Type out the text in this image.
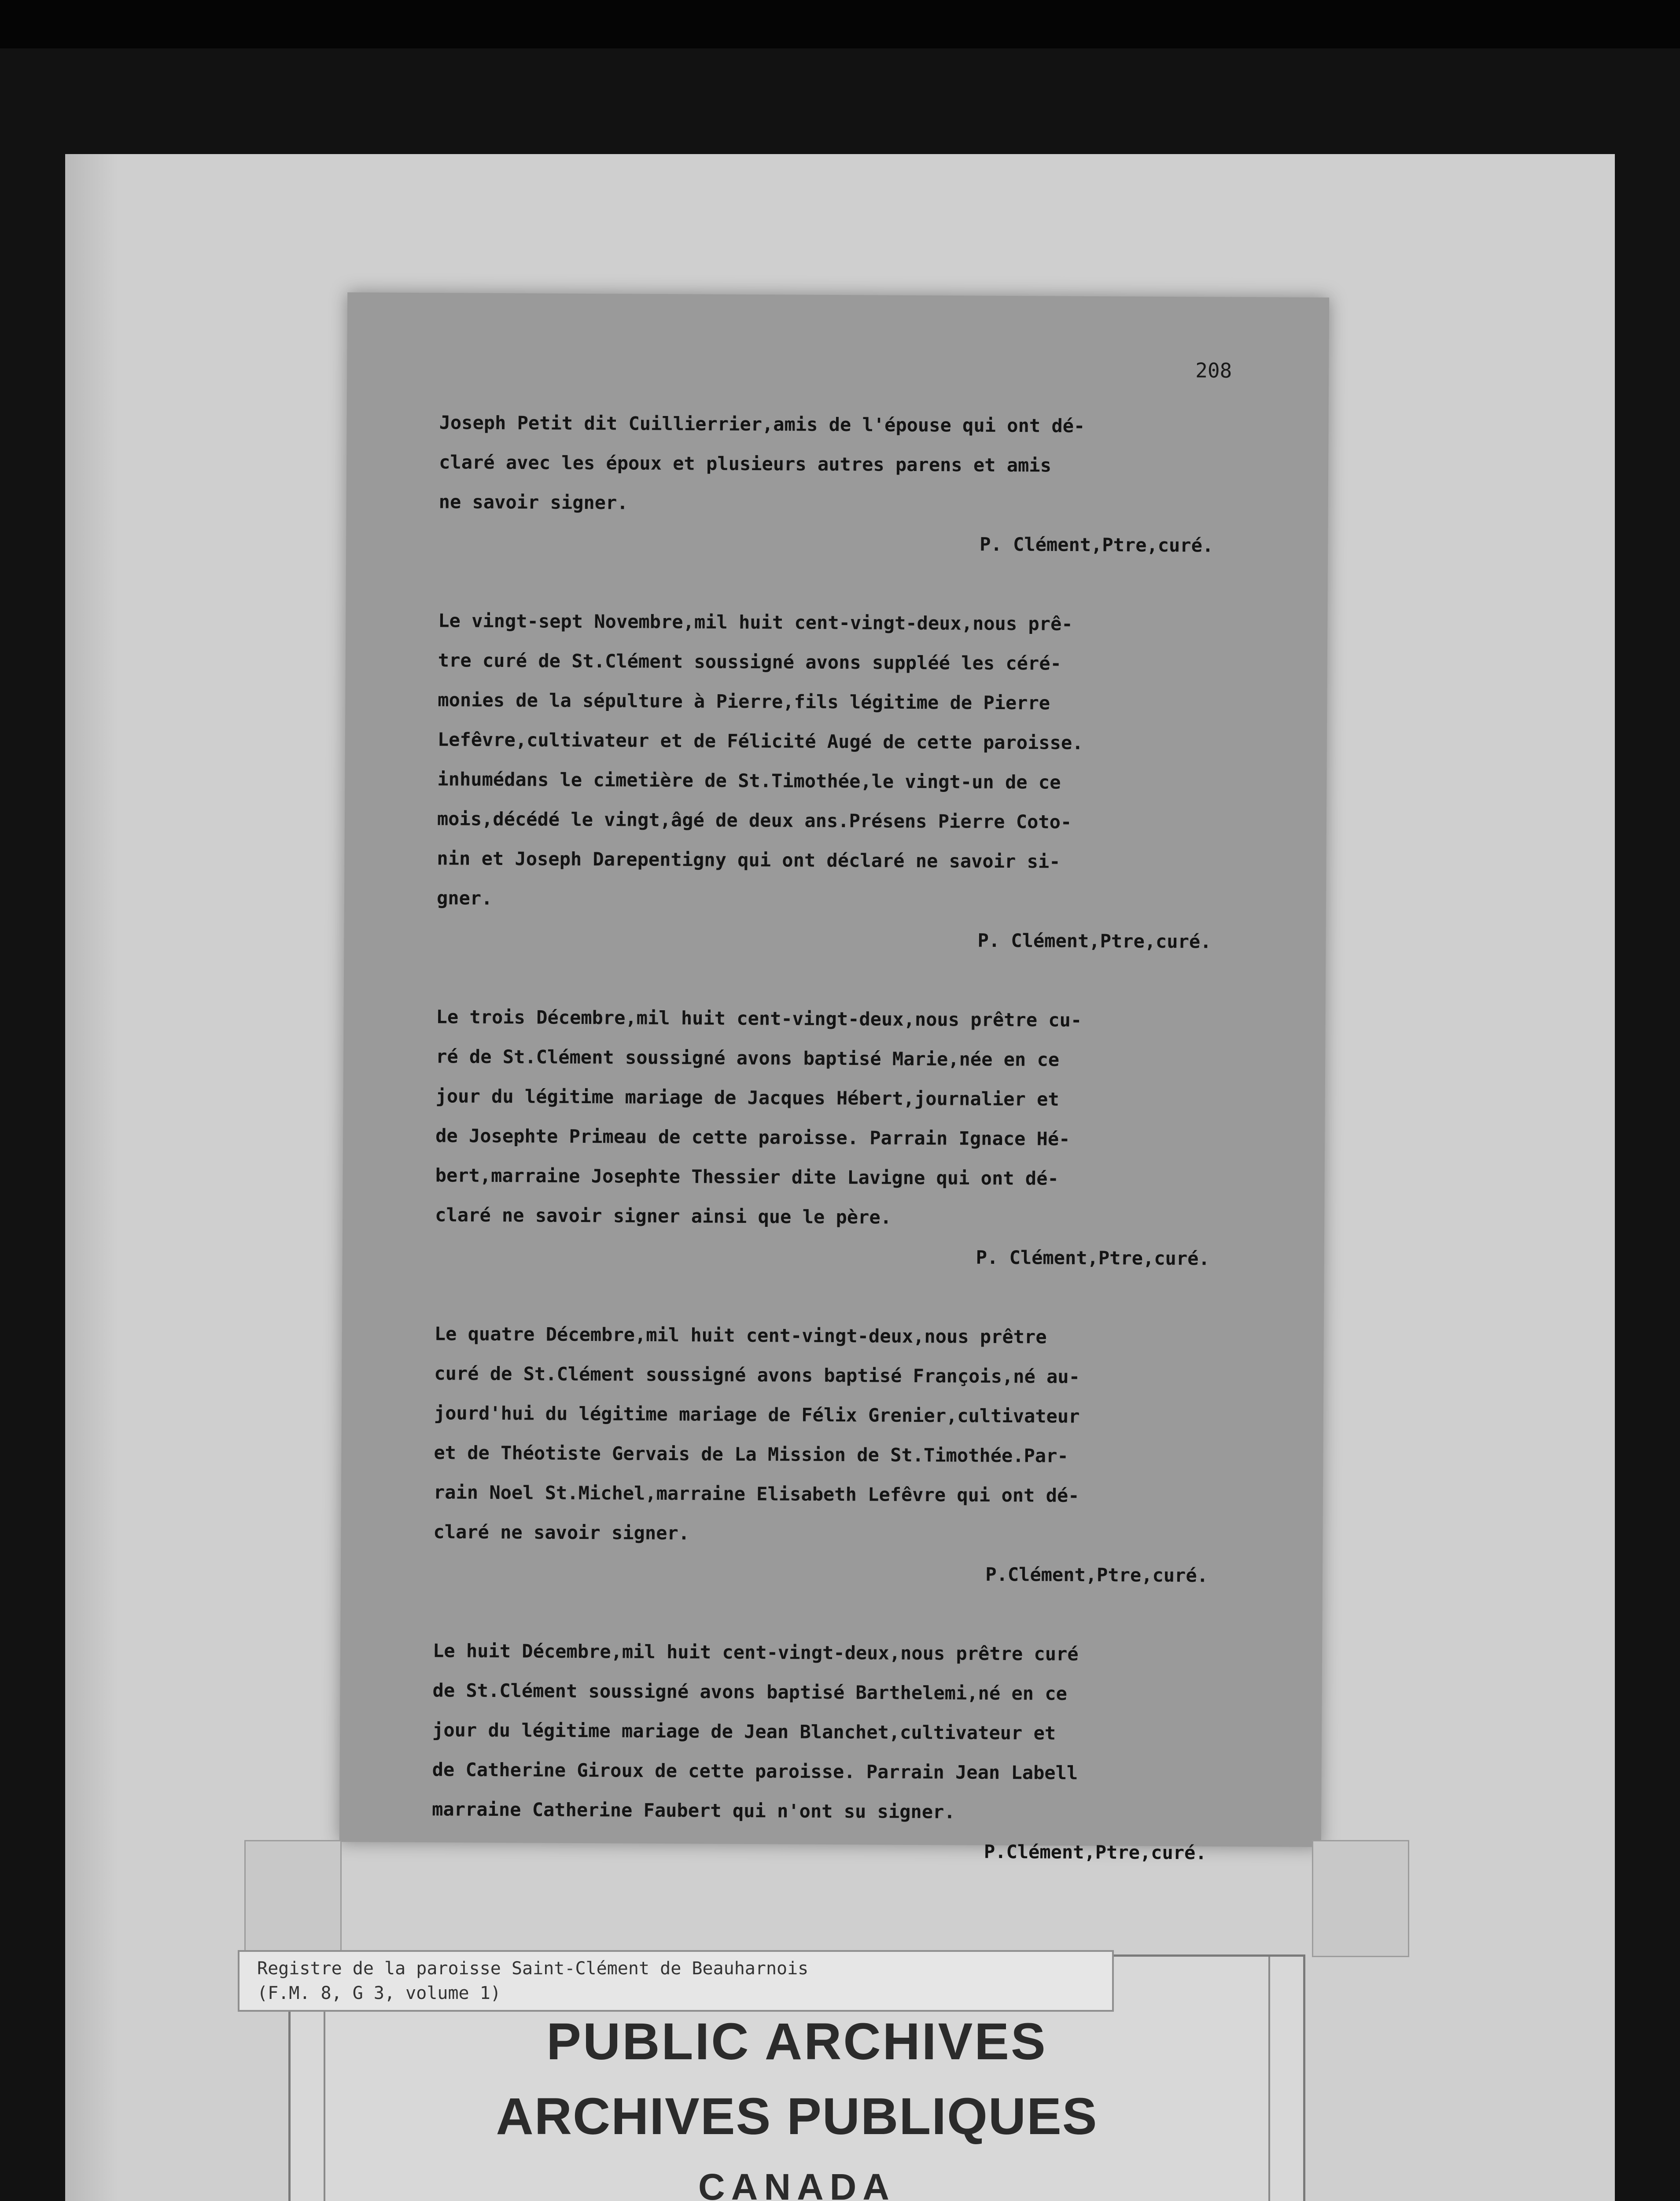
208
Joseph Petit dit Cuillierrier,amis de l'épouse qui ont dé-
claré avec les époux et plusieurs autres parens et amis
ne savoir signer.
P. Clément,Ptre,curé.
Le vingt-sept Novembre,mil huit cent-vingt-deux,nous prê-
tre curé de St.Clément soussigné avons suppléé les céré-
monies de la sépulture à Pierre,fils légitime de Pierre
Lefêvre,cultivateur et de Félicité Augé de cette paroisse.
inhumédans le cimetière de St.Timothée,le vingt-un de ce
mois,décédé le vingt,âgé de deux ans.Présens Pierre Coto-
nin et Joseph Darepentigny qui ont déclaré ne savoir si-
gner.
P. Clément,Ptre,curé.
Le trois Décembre,mil huit cent-vingt-deux,nous prêtre cu-
ré de St.Clément soussigné avons baptisé Marie,née en ce
jour du légitime mariage de Jacques Hébert,journalier et
de Josephte Primeau de cette paroisse. Parrain Ignace Hé-
bert,marraine Josephte Thessier dite Lavigne qui ont dé-
claré ne savoir signer ainsi que le père.
P. Clément,Ptre,curé.
Le quatre Décembre,mil huit cent-vingt-deux,nous prêtre
curé de St.Clément soussigné avons baptisé François,né au-
jourd'hui du légitime mariage de Félix Grenier,cultivateur
et de Théotiste Gervais de La Mission de St.Timothée.Par-
rain Noel St.Michel,marraine Elisabeth Lefêvre qui ont dé-
claré ne savoir signer.
P.Clément,Ptre,curé.
Le huit Décembre,mil huit cent-vingt-deux,nous prêtre curé
de St.Clément soussigné avons baptisé Barthelemi,né en ce
jour du légitime mariage de Jean Blanchet,cultivateur et
de Catherine Giroux de cette paroisse. Parrain Jean Labell
marraine Catherine Faubert qui n'ont su signer.
P.Clément,Ptre,curé.
Registre de la paroisse Saint-Clément de Beauharnois
(F.M. 8, G 3, volume 1)
PUBLIC ARCHIVES
ARCHIVES PUBLIQUES
CANADA
